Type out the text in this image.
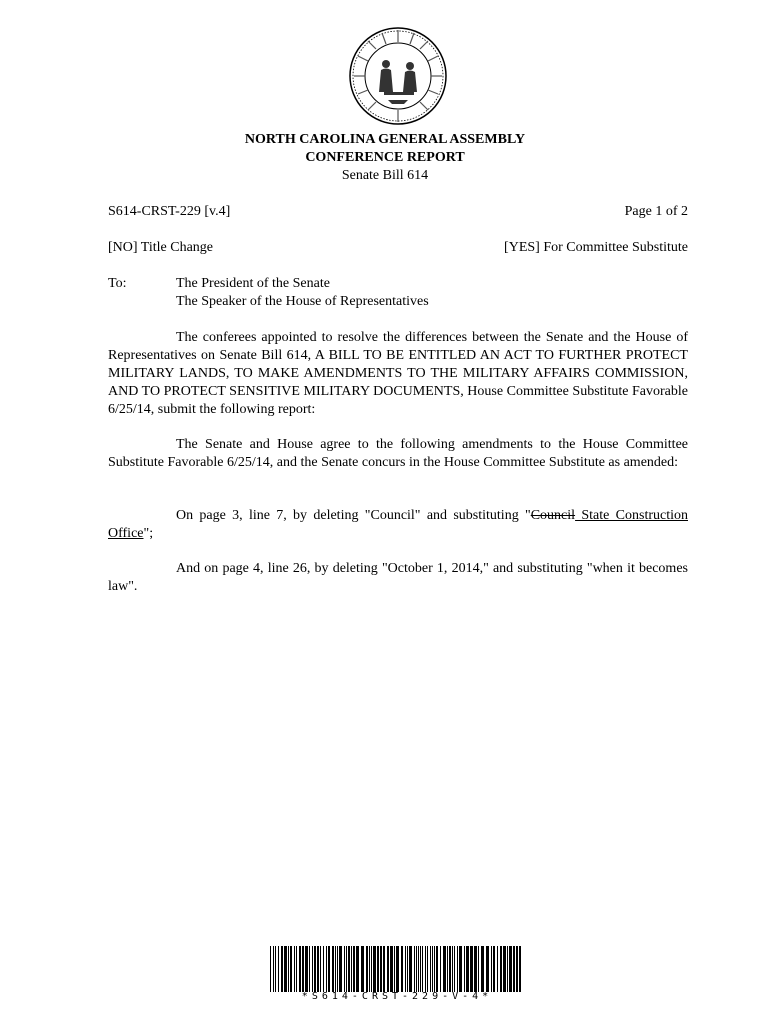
NORTH CAROLINA GENERAL ASSEMBLY
CONFERENCE REPORT
Senate Bill 614
S614-CRST-229 [v.4]	Page 1 of 2
[NO] Title Change	[YES] For Committee Substitute
To:	The President of the Senate
The Speaker of the House of Representatives
The conferees appointed to resolve the differences between the Senate and the House of Representatives on Senate Bill 614, A BILL TO BE ENTITLED AN ACT TO FURTHER PROTECT MILITARY LANDS, TO MAKE AMENDMENTS TO THE MILITARY AFFAIRS COMMISSION, AND TO PROTECT SENSITIVE MILITARY DOCUMENTS, House Committee Substitute Favorable 6/25/14, submit the following report:
The Senate and House agree to the following amendments to the House Committee Substitute Favorable 6/25/14, and the Senate concurs in the House Committee Substitute as amended:
On page 3, line 7, by deleting "Council" and substituting "Council State Construction Office";
And on page 4, line 26, by deleting "October 1, 2014," and substituting "when it becomes law".
*S614-CRST-229-V-4*
